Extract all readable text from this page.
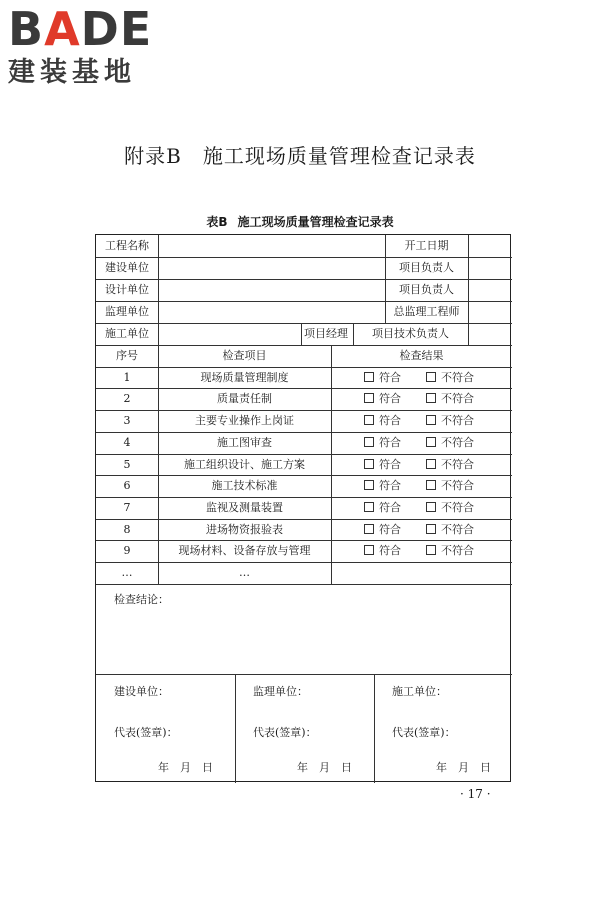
BADE
建装基地
附录B　施工现场质量管理检查记录表
表B 施工现场质量管理检查记录表
工程名称	开工日期
建设单位	项目负责人
设计单位	项目负责人
监理单位	总监理工程师
施工单位	项目经理	项目技术负责人
序号	检查项目	检查结果
1	现场质量管理制度	符合	不符合
2	质量责任制	符合	不符合
3	主要专业操作上岗证	符合	不符合
4	施工图审查	符合	不符合
5	施工组织设计、施工方案	符合	不符合
6	施工技术标准	符合	不符合
7	监视及测量装置	符合	不符合
8	进场物资报验表	符合	不符合
9	现场材料、设备存放与管理	符合	不符合
…	…
检查结论：
建设单位：
代表(签章)：
年　月　日
监理单位：
代表(签章)：
年　月　日
施工单位：
代表(签章)：
年　月　日
· 17 ·
